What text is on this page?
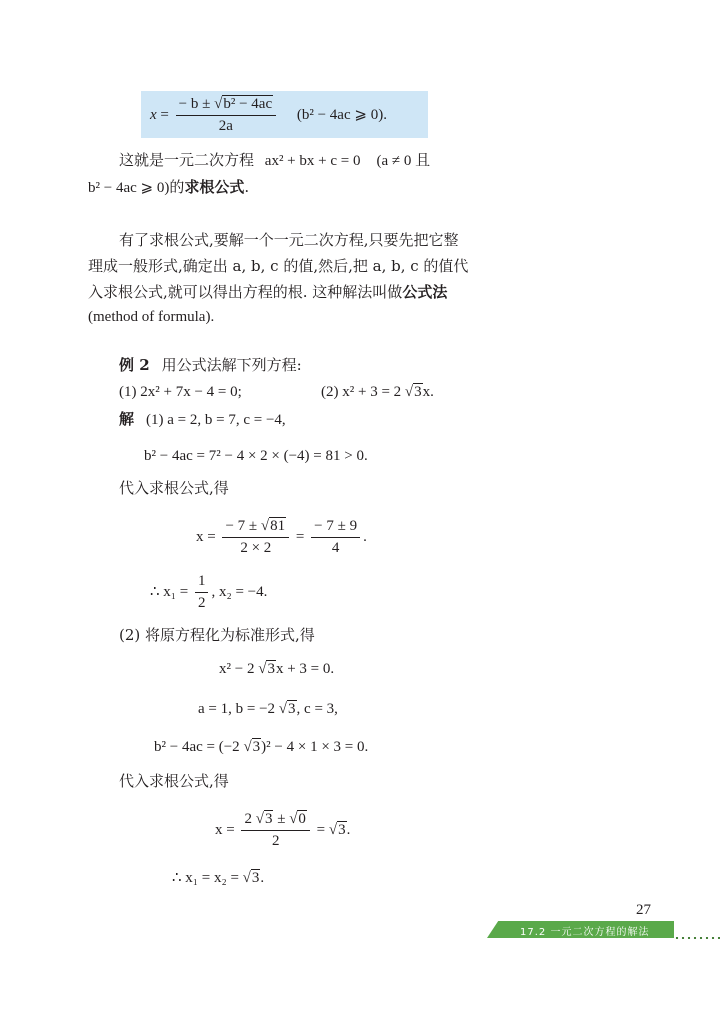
$x = \frac{\text{− b ± √b² − 4ac}}{2a} (b^2 - 4ac$ ⩾ 0).
这就是一元二次方程 ax² + bx + c = 0 (a ≠ 0 且
b² − 4ac ⩾ 0)的求根公式.
有了求根公式,要解一个一元二次方程,只要先把它整
理成一般形式,确定出 a, b, c 的值,然后,把 a, b, c 的值代
入求根公式,就可以得出方程的根. 这种解法叫做公式法
(method of formula).
例 2 用公式法解下列方程:
(1) 2x² + 7x − 4 = 0;	(2) x² + 3 = 2 √3x.
解 (1) a = 2, b = 7, c = −4,
b² − 4ac = 7² − 4 × 2 × (−4) = 81 > 0.
代入求根公式,得
$x = \frac{- 7 \pm √81}{2 \times 2} = \frac{- 7 \pm 9}{4}$ .
∴ $x_1 = \frac{1}{2}$ , x₂ = −4.
(2) 将原方程化为标准形式,得
x² − 2 √3x + 3 = 0.
a = 1, b = −2 √3, c = 3,
b² − 4ac = (−2 √3)² − 4 × 1 × 3 = 0.
代入求根公式,得
$x = \frac{2 √3 \pm √0}{2} = √3$.
∴ x₁ = x₂ = √3.
27
17.2 一元二次方程的解法
